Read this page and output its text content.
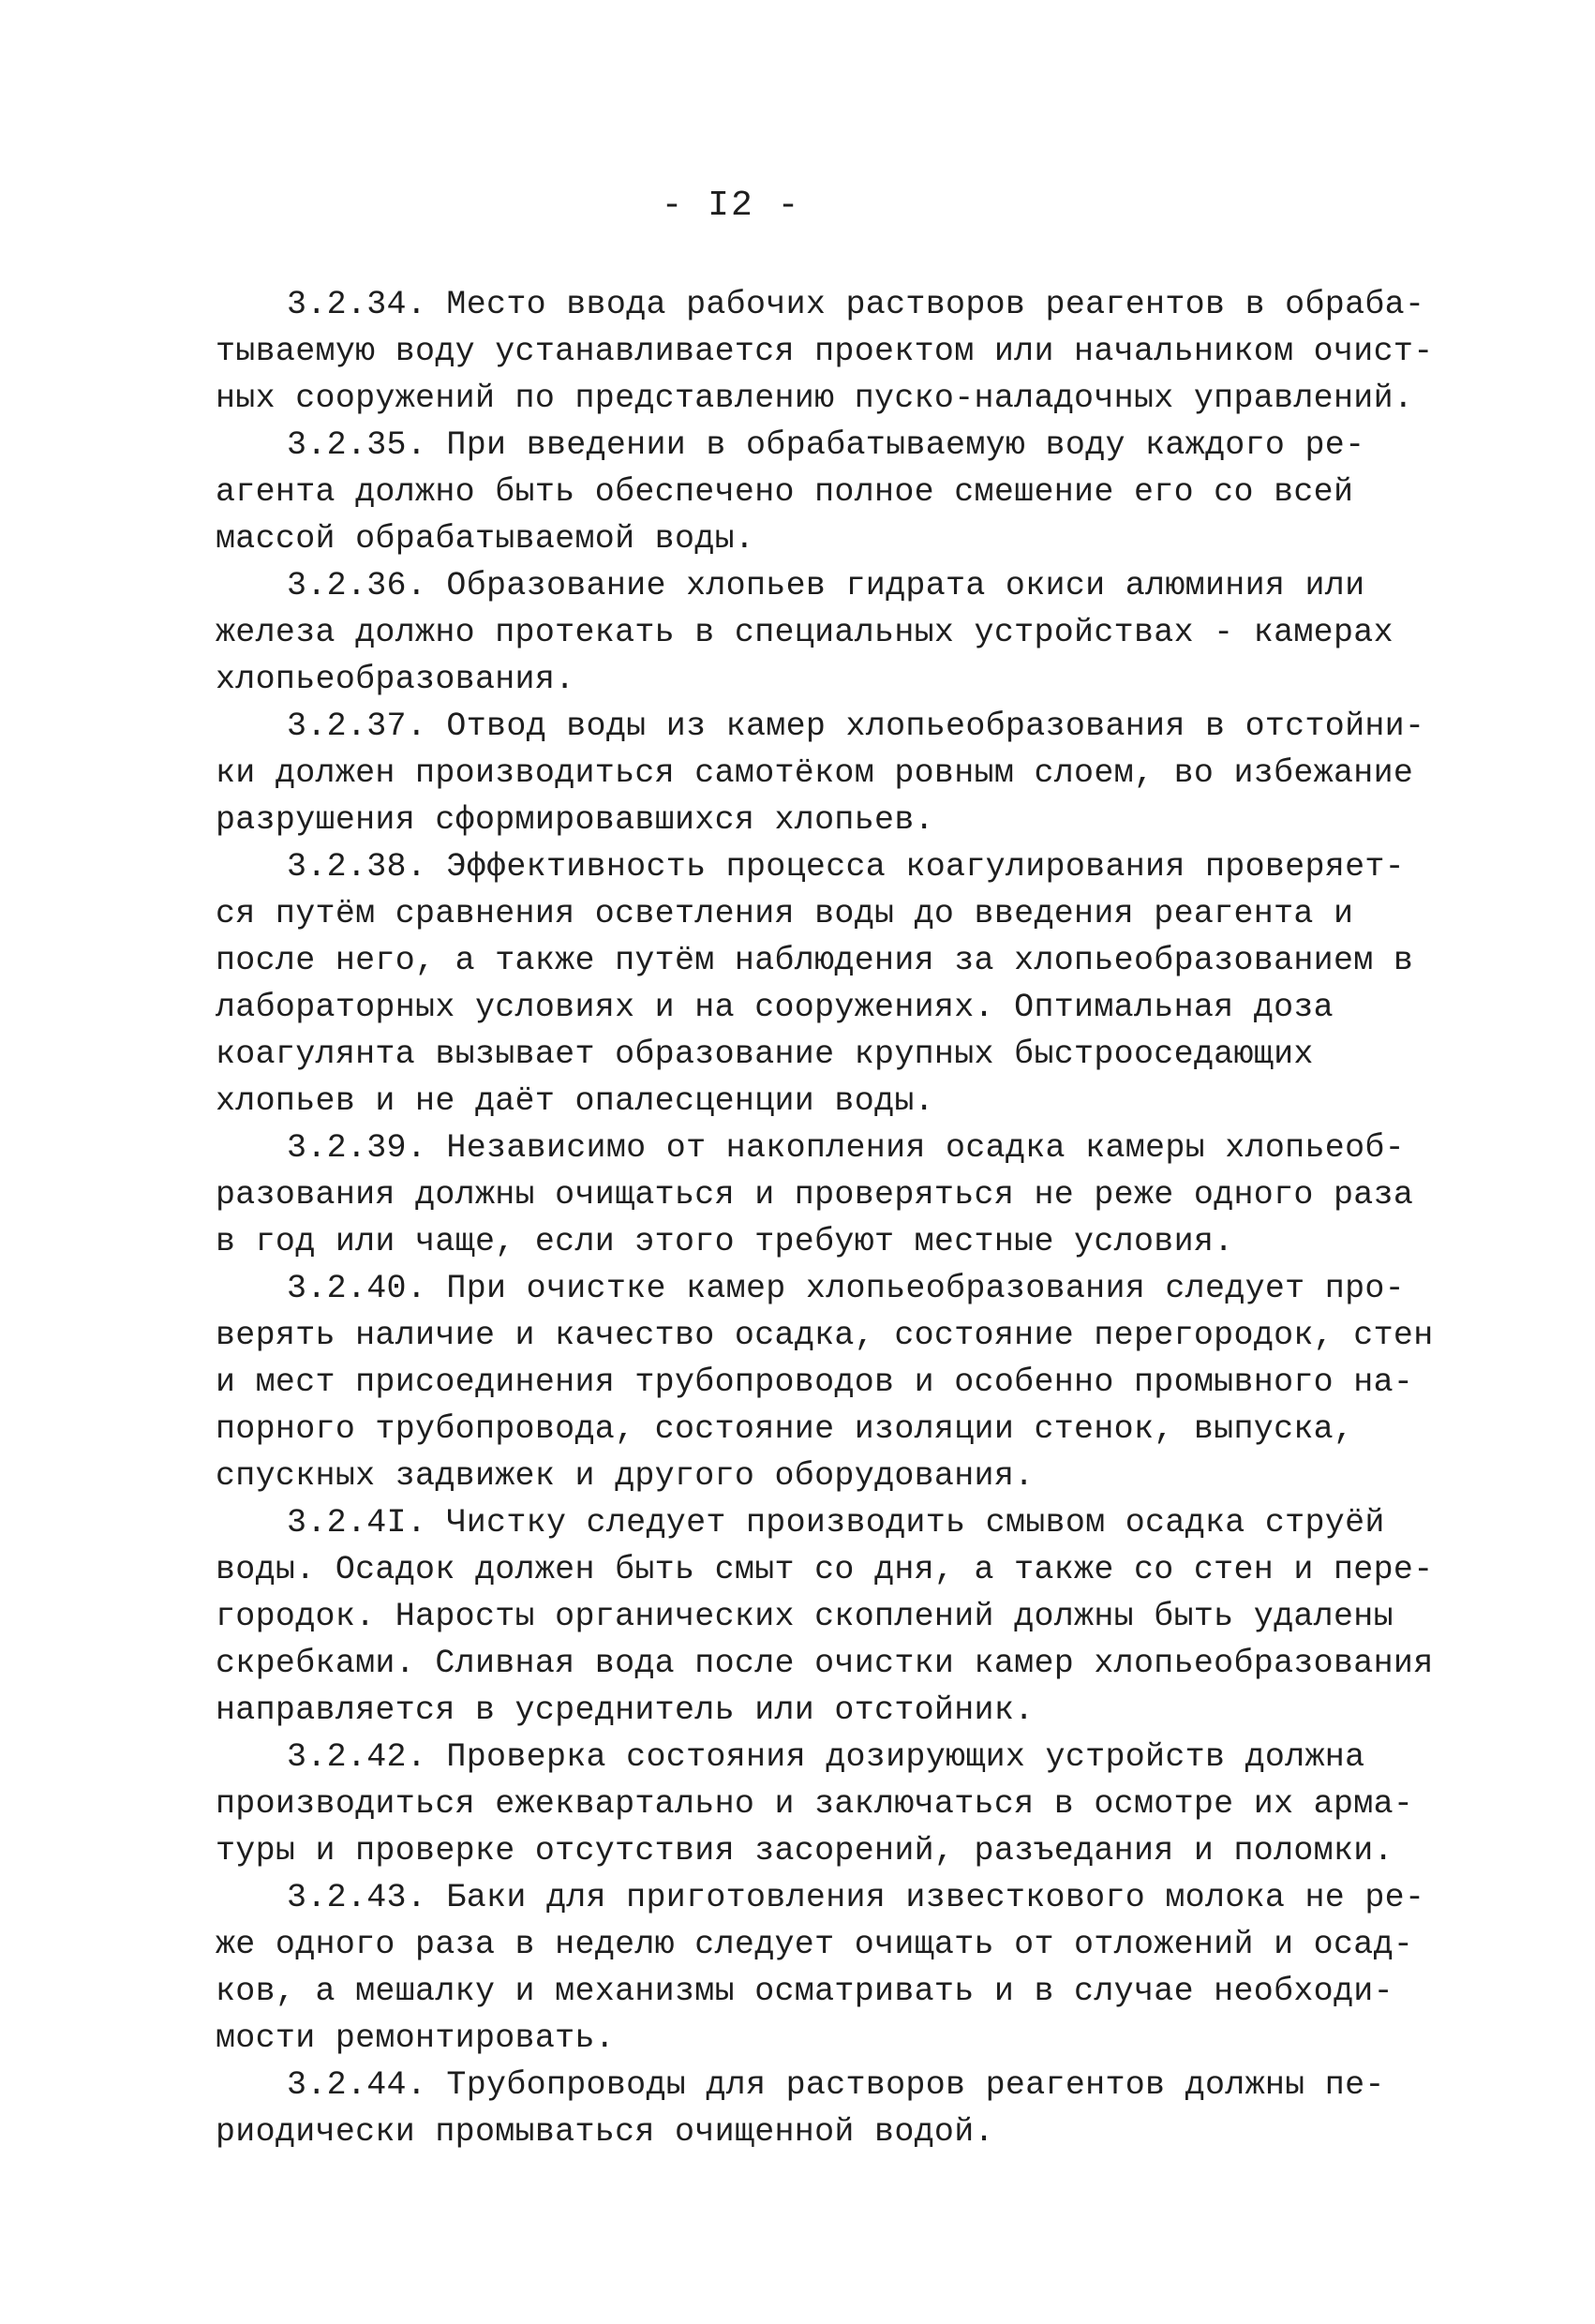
- I2 -
3.2.34. Место ввода рабочих растворов реагентов в обраба-
тываемую воду устанавливается проектом или начальником очист-
ных сооружений по представлению пуско-наладочных управлений.
3.2.35. При введении в обрабатываемую воду каждого ре-
агента должно быть обеспечено полное смешение его со всей
массой обрабатываемой воды.
3.2.36. Образование хлопьев гидрата окиси алюминия или
железа должно протекать в специальных устройствах - камерах
хлопьеобразования.
3.2.37. Отвод воды из камер хлопьеобразования в отстойни-
ки должен производиться самотёком ровным слоем, во избежание
разрушения сформировавшихся хлопьев.
3.2.38. Эффективность процесса коагулирования проверяет-
ся путём сравнения осветления воды до введения реагента и
после него, а также путём наблюдения за хлопьеобразованием в
лабораторных условиях и на сооружениях. Оптимальная доза
коагулянта вызывает образование крупных быстрооседающих
хлопьев и не даёт опалесценции воды.
3.2.39. Независимо от накопления осадка камеры хлопьеоб-
разования должны очищаться и проверяться не реже одного раза
в год или чаще, если этого требуют местные условия.
3.2.40. При очистке камер хлопьеобразования следует про-
верять наличие и качество осадка, состояние перегородок, стен
и мест присоединения трубопроводов и особенно промывного на-
порного трубопровода, состояние изоляции стенок, выпуска,
спускных задвижек и другого оборудования.
3.2.4I. Чистку следует производить смывом осадка струёй
воды. Осадок должен быть смыт со дня, а также со стен и пере-
городок. Наросты органических скоплений должны быть удалены
скребками. Сливная вода после очистки камер хлопьеобразования
направляется в усреднитель или отстойник.
3.2.42. Проверка состояния дозирующих устройств должна
производиться ежеквартально и заключаться в осмотре их арма-
туры и проверке отсутствия засорений, разъедания и поломки.
3.2.43. Баки для приготовления известкового молока не ре-
же одного раза в неделю следует очищать от отложений и осад-
ков, а мешалку и механизмы осматривать и в случае необходи-
мости ремонтировать.
3.2.44. Трубопроводы для растворов реагентов должны пе-
риодически промываться очищенной водой.
